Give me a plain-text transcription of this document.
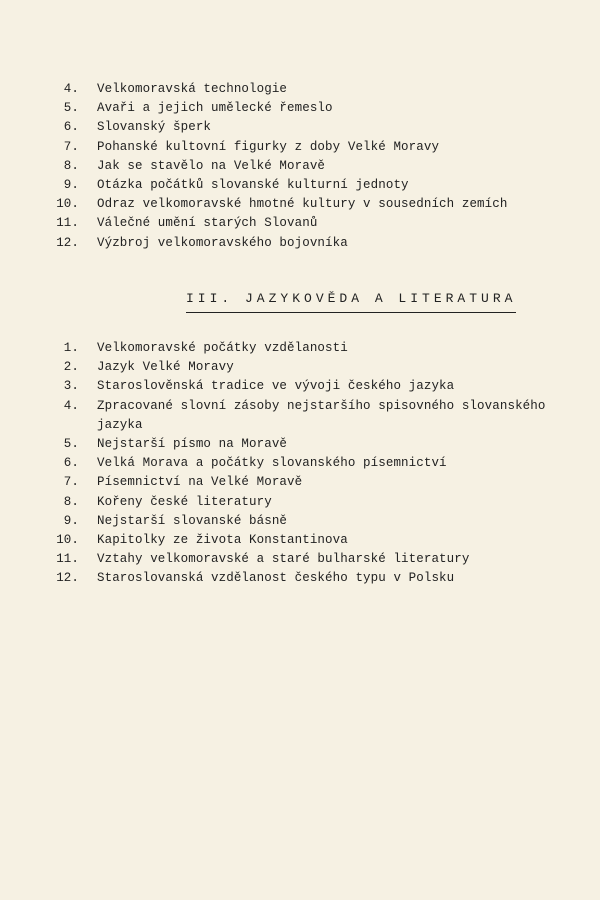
4.	Velkomoravská technologie
5.	Avaři a jejich umělecké řemeslo
6.	Slovanský šperk
7.	Pohanské kultovní figurky z doby Velké Moravy
8.	Jak se stavělo na Velké Moravě
9.	Otázka počátků slovanské kulturní jednoty
10.	Odraz velkomoravské hmotné kultury v sousedních zemích
11.	Válečné umění starých Slovanů
12.	Výzbroj velkomoravského bojovníka
III. JAZYKOVĚDA A LITERATURA
1.	Velkomoravské počátky vzdělanosti
2.	Jazyk Velké Moravy
3.	Staroslověnská tradice ve vývoji českého jazyka
4.	Zpracované slovní zásoby nejstaršího spisovného slovanského jazyka
5.	Nejstarší písmo na Moravě
6.	Velká Morava a počátky slovanského písemnictví
7.	Písemnictví na Velké Moravě
8.	Kořeny české literatury
9.	Nejstarší slovanské básně
10.	Kapitolky ze života Konstantinova
11.	Vztahy velkomoravské a staré bulharské literatury
12.	Staroslovanská vzdělanost českého typu v Polsku
